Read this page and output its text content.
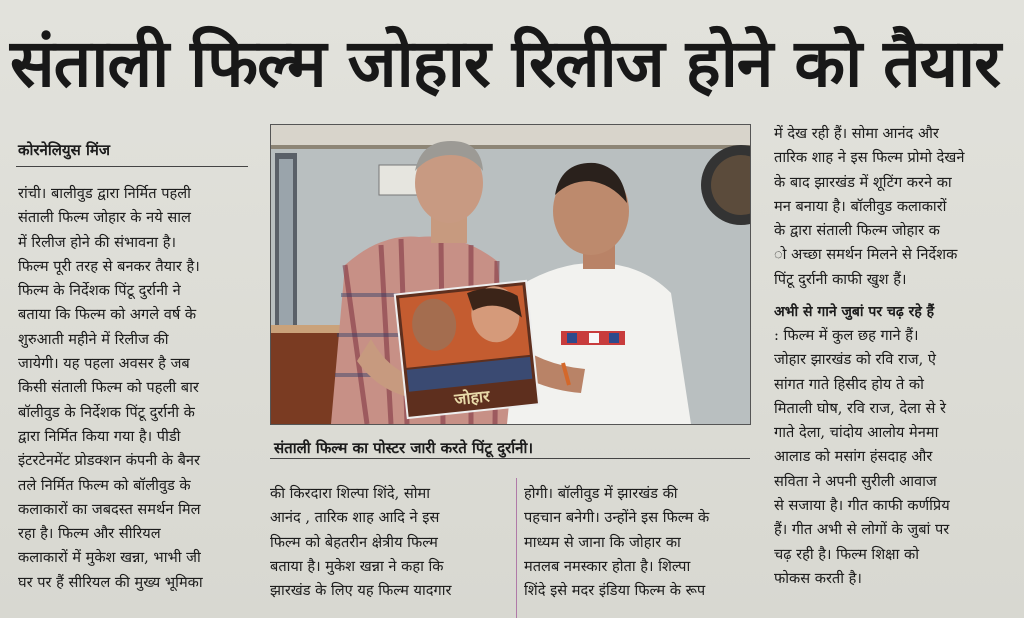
संताली फिल्म जोहार रिलीज होने को तैयार
कोरनेलियुस मिंज
रांची। बालीवुड द्वारा निर्मित पहली
संताली फिल्म जोहार के नये साल
में रिलीज होने की संभावना है।
फिल्म पूरी तरह से बनकर तैयार है।
फिल्म के निर्देशक पिंटू दुर्रानी ने
बताया कि फिल्म को अगले वर्ष के
शुरुआती महीने में रिलीज की
जायेगी। यह पहला अवसर है जब
किसी संताली फिल्म को पहली बार
बॉलीवुड के निर्देशक पिंटू दुर्रानी के
द्वारा निर्मित किया गया है। पीडी
इंटरटेनमेंट प्रोडक्शन कंपनी के बैनर
तले निर्मित फिल्म को बॉलीवुड के
कलाकारों का जबदस्त समर्थन मिल
रहा है। फिल्म और सीरियल
कलाकारों में मुकेश खन्ना, भाभी जी
घर पर हैं सीरियल की मुख्य भूमिका
जोहार
संताली फिल्म का पोस्टर जारी करते पिंटू दुर्रानी।
की किरदारा शिल्पा शिंदे, सोमा
आनंद , तारिक शाह आदि ने इस
फिल्म को बेहतरीन क्षेत्रीय फिल्म
बताया है। मुकेश खन्ना ने कहा कि
झारखंड के लिए यह फिल्म यादगार
होगी। बॉलीवुड में झारखंड की
पहचान बनेगी। उन्होंने इस फिल्म के
माध्यम से जाना कि जोहार का
मतलब नमस्कार होता है। शिल्पा
शिंदे इसे मदर इंडिया फिल्म के रूप
में देख रही हैं। सोमा आनंद और
तारिक शाह ने इस फिल्म प्रोमो देखने
के बाद झारखंड में शूटिंग करने का
मन बनाया है। बॉलीवुड कलाकारों
के द्वारा संताली फिल्म जोहार क
ो अच्छा समर्थन मिलने से निर्देशक
पिंटू दुर्रानी काफी खुश हैं।
अभी से गाने जुबां पर चढ़ रहे हैं
: फिल्म में कुल छह गाने हैं।
जोहार झारखंड को रवि राज, ऐ
सांगत गाते हिसीद होय ते को
मिताली घोष, रवि राज, देला से रे
गाते देला, चांदोय आलोय मेनमा
आलाड को मसांग हंसदाह और
सविता ने अपनी सुरीली आवाज
से सजाया है। गीत काफी कर्णप्रिय
हैं। गीत अभी से लोगों के जुबां पर
चढ़ रही है। फिल्म शिक्षा को
फोकस करती है।
